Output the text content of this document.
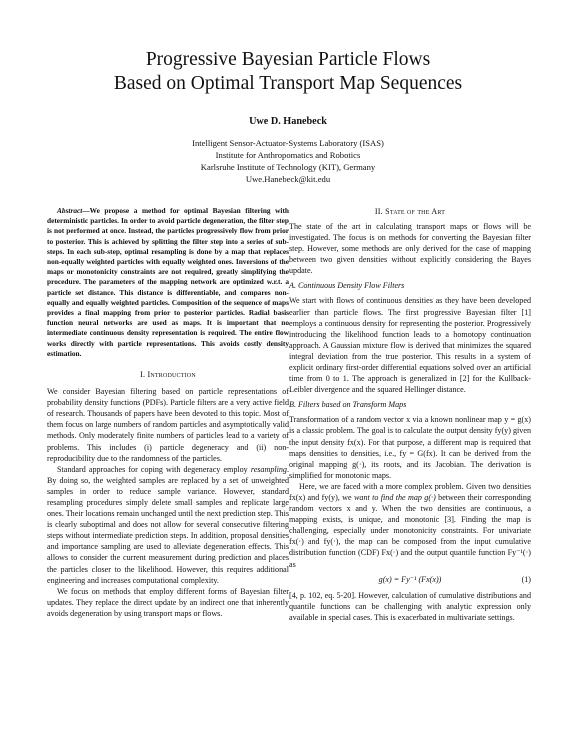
Progressive Bayesian Particle Flows
Based on Optimal Transport Map Sequences
Uwe D. Hanebeck
Intelligent Sensor-Actuator-Systems Laboratory (ISAS)
Institute for Anthropomatics and Robotics
Karlsruhe Institute of Technology (KIT), Germany
Uwe.Hanebeck@kit.edu

Abstract—We propose a method for optimal Bayesian filtering with deterministic particles. In order to avoid particle degeneration, the filter step is not performed at once. Instead, the particles progressively flow from prior to posterior. This is achieved by splitting the filter step into a series of sub-steps. In each sub-step, optimal resampling is done by a map that replaces non-equally weighted particles with equally weighted ones. Inversions of the maps or monotonicity constraints are not required, greatly simplifying the procedure. The parameters of the mapping network are optimized w.r.t. a particle set distance. This distance is differentiable, and compares non-equally and equally weighted particles. Composition of the sequence of maps provides a final mapping from prior to posterior particles. Radial basis function neural networks are used as maps. It is important that no intermediate continuous density representation is required. The entire flow works directly with particle representations. This avoids costly density estimation.

I. Introduction

We consider Bayesian filtering based on particle representations of probability density functions (PDFs). Particle filters are a very active field of research. Thousands of papers have been devoted to this topic. Most of them focus on large numbers of random particles and asymptotically valid methods. Only moderately finite numbers of particles lead to a variety of problems. This includes (i) particle degeneracy and (ii) non-reproducibility due to the randomness of the particles.

Standard approaches for coping with degeneracy employ resampling. By doing so, the weighted samples are replaced by a set of unweighted samples in order to reduce sample variance. However, standard resampling procedures simply delete small samples and replicate large ones. Their locations remain unchanged until the next prediction step. This is clearly suboptimal and does not allow for several consecutive filtering steps without intermediate prediction steps. In addition, proposal densities and importance sampling are used to alleviate degeneration effects. This allows to consider the current measurement during prediction and places the particles closer to the likelihood. However, this requires additional engineering and increases computational complexity.

We focus on methods that employ different forms of Bayesian filter updates. They replace the direct update by an indirect one that inherently avoids degeneration by using transport maps or flows.

II. State of the Art

The state of the art in calculating transport maps or flows will be investigated. The focus is on methods for converting the Bayesian filter step. However, some methods are only derived for the case of mapping between two given densities without explicitly considering the Bayes update.

A. Continuous Density Flow Filters

We start with flows of continuous densities as they have been developed earlier than particle flows. The first progressive Bayesian filter [1] employs a continuous density for representing the posterior. Progressively introducing the likelihood function leads to a homotopy continuation approach. A Gaussian mixture flow is derived that minimizes the squared integral deviation from the true posterior. This results in a system of explicit ordinary first-order differential equations solved over an artificial time from 0 to 1. The approach is generalized in [2] for the Kullback-Leibler divergence and the squared Hellinger distance.

B. Filters based on Transform Maps

Transformation of a random vector x via a known nonlinear map y = g(x) is a classic problem. The goal is to calculate the output density fy(y) given the input density fx(x). For that purpose, a different map is required that maps densities to densities, i.e., fy = G(fx). It can be derived from the original mapping g(·), its roots, and its Jacobian. The derivation is simplified for monotonic maps.

Here, we are faced with a more complex problem. Given two densities fx(x) and fy(y), we want to find the map g(·) between their corresponding random vectors x and y. When the two densities are continuous, a mapping exists, is unique, and monotonic [3]. Finding the map is challenging, especially under monotonicity constraints. For univariate fx(·) and fy(·), the map can be composed from the input cumulative distribution function (CDF) Fx(·) and the output quantile function Fy⁻¹(·) as

g(x) = Fy⁻¹ (Fx(x))	(1)

[4, p. 102, eq. 5-20]. However, calculation of cumulative distributions and quantile functions can be challenging with analytic expression only available in special cases. This is exacerbated in multivariate settings.
